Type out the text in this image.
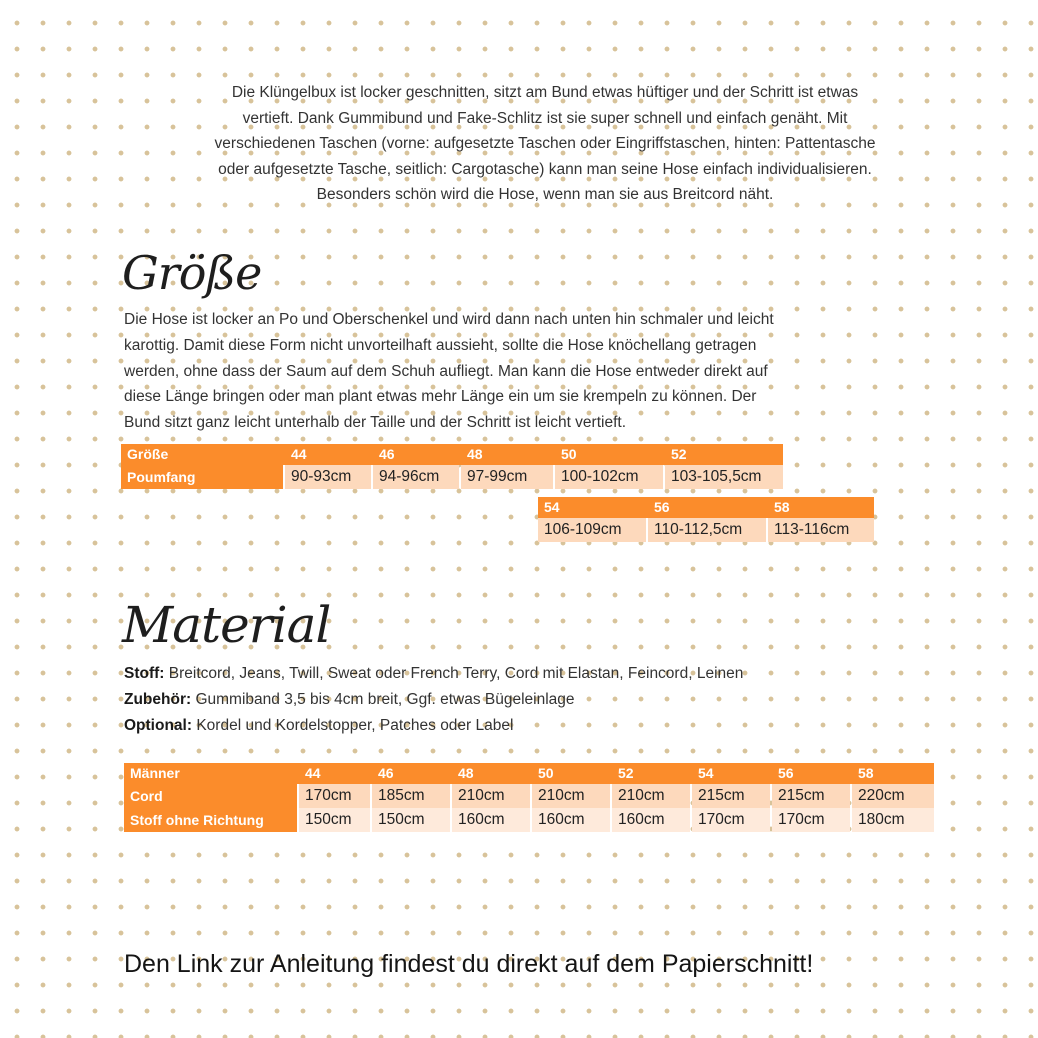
Die Klüngelbux ist locker geschnitten, sitzt am Bund etwas hüftiger und der Schritt ist etwas
vertieft. Dank Gummibund und Fake-Schlitz ist sie super schnell und einfach genäht. Mit
verschiedenen Taschen (vorne: aufgesetzte Taschen oder Eingriffstaschen, hinten: Pattentasche
oder aufgesetzte Tasche, seitlich: Cargotasche) kann man seine Hose einfach individualisieren.
Besonders schön wird die Hose, wenn man sie aus Breitcord näht.
Größe
Die Hose ist locker an Po und Oberschenkel und wird dann nach unten hin schmaler und leicht
karottig. Damit diese Form nicht unvorteilhaft aussieht, sollte die Hose knöchellang getragen
werden, ohne dass der Saum auf dem Schuh aufliegt. Man kann die Hose entweder direkt auf
diese Länge bringen oder man plant etwas mehr Länge ein um sie krempeln zu können. Der
Bund sitzt ganz leicht unterhalb der Taille und der Schritt ist leicht vertieft.
Größe	44	46	48	50	52
Poumfang	90-93cm	94-96cm	97-99cm	100-102cm	103-105,5cm
54	56	58
106-109cm	110-112,5cm	113-116cm
Material
Stoff: Breitcord, Jeans, Twill, Sweat oder French Terry, Cord mit Elastan, Feincord, Leinen
Zubehör: Gummiband 3,5 bis 4cm breit, Ggf. etwas Bügeleinlage
Optional: Kordel und Kordelstopper, Patches oder Label
Männer	44	46	48	50	52	54	56	58
Cord	170cm	185cm	210cm	210cm	210cm	215cm	215cm	220cm
Stoff ohne Richtung	150cm	150cm	160cm	160cm	160cm	170cm	170cm	180cm
Den Link zur Anleitung findest du direkt auf dem Papierschnitt!
